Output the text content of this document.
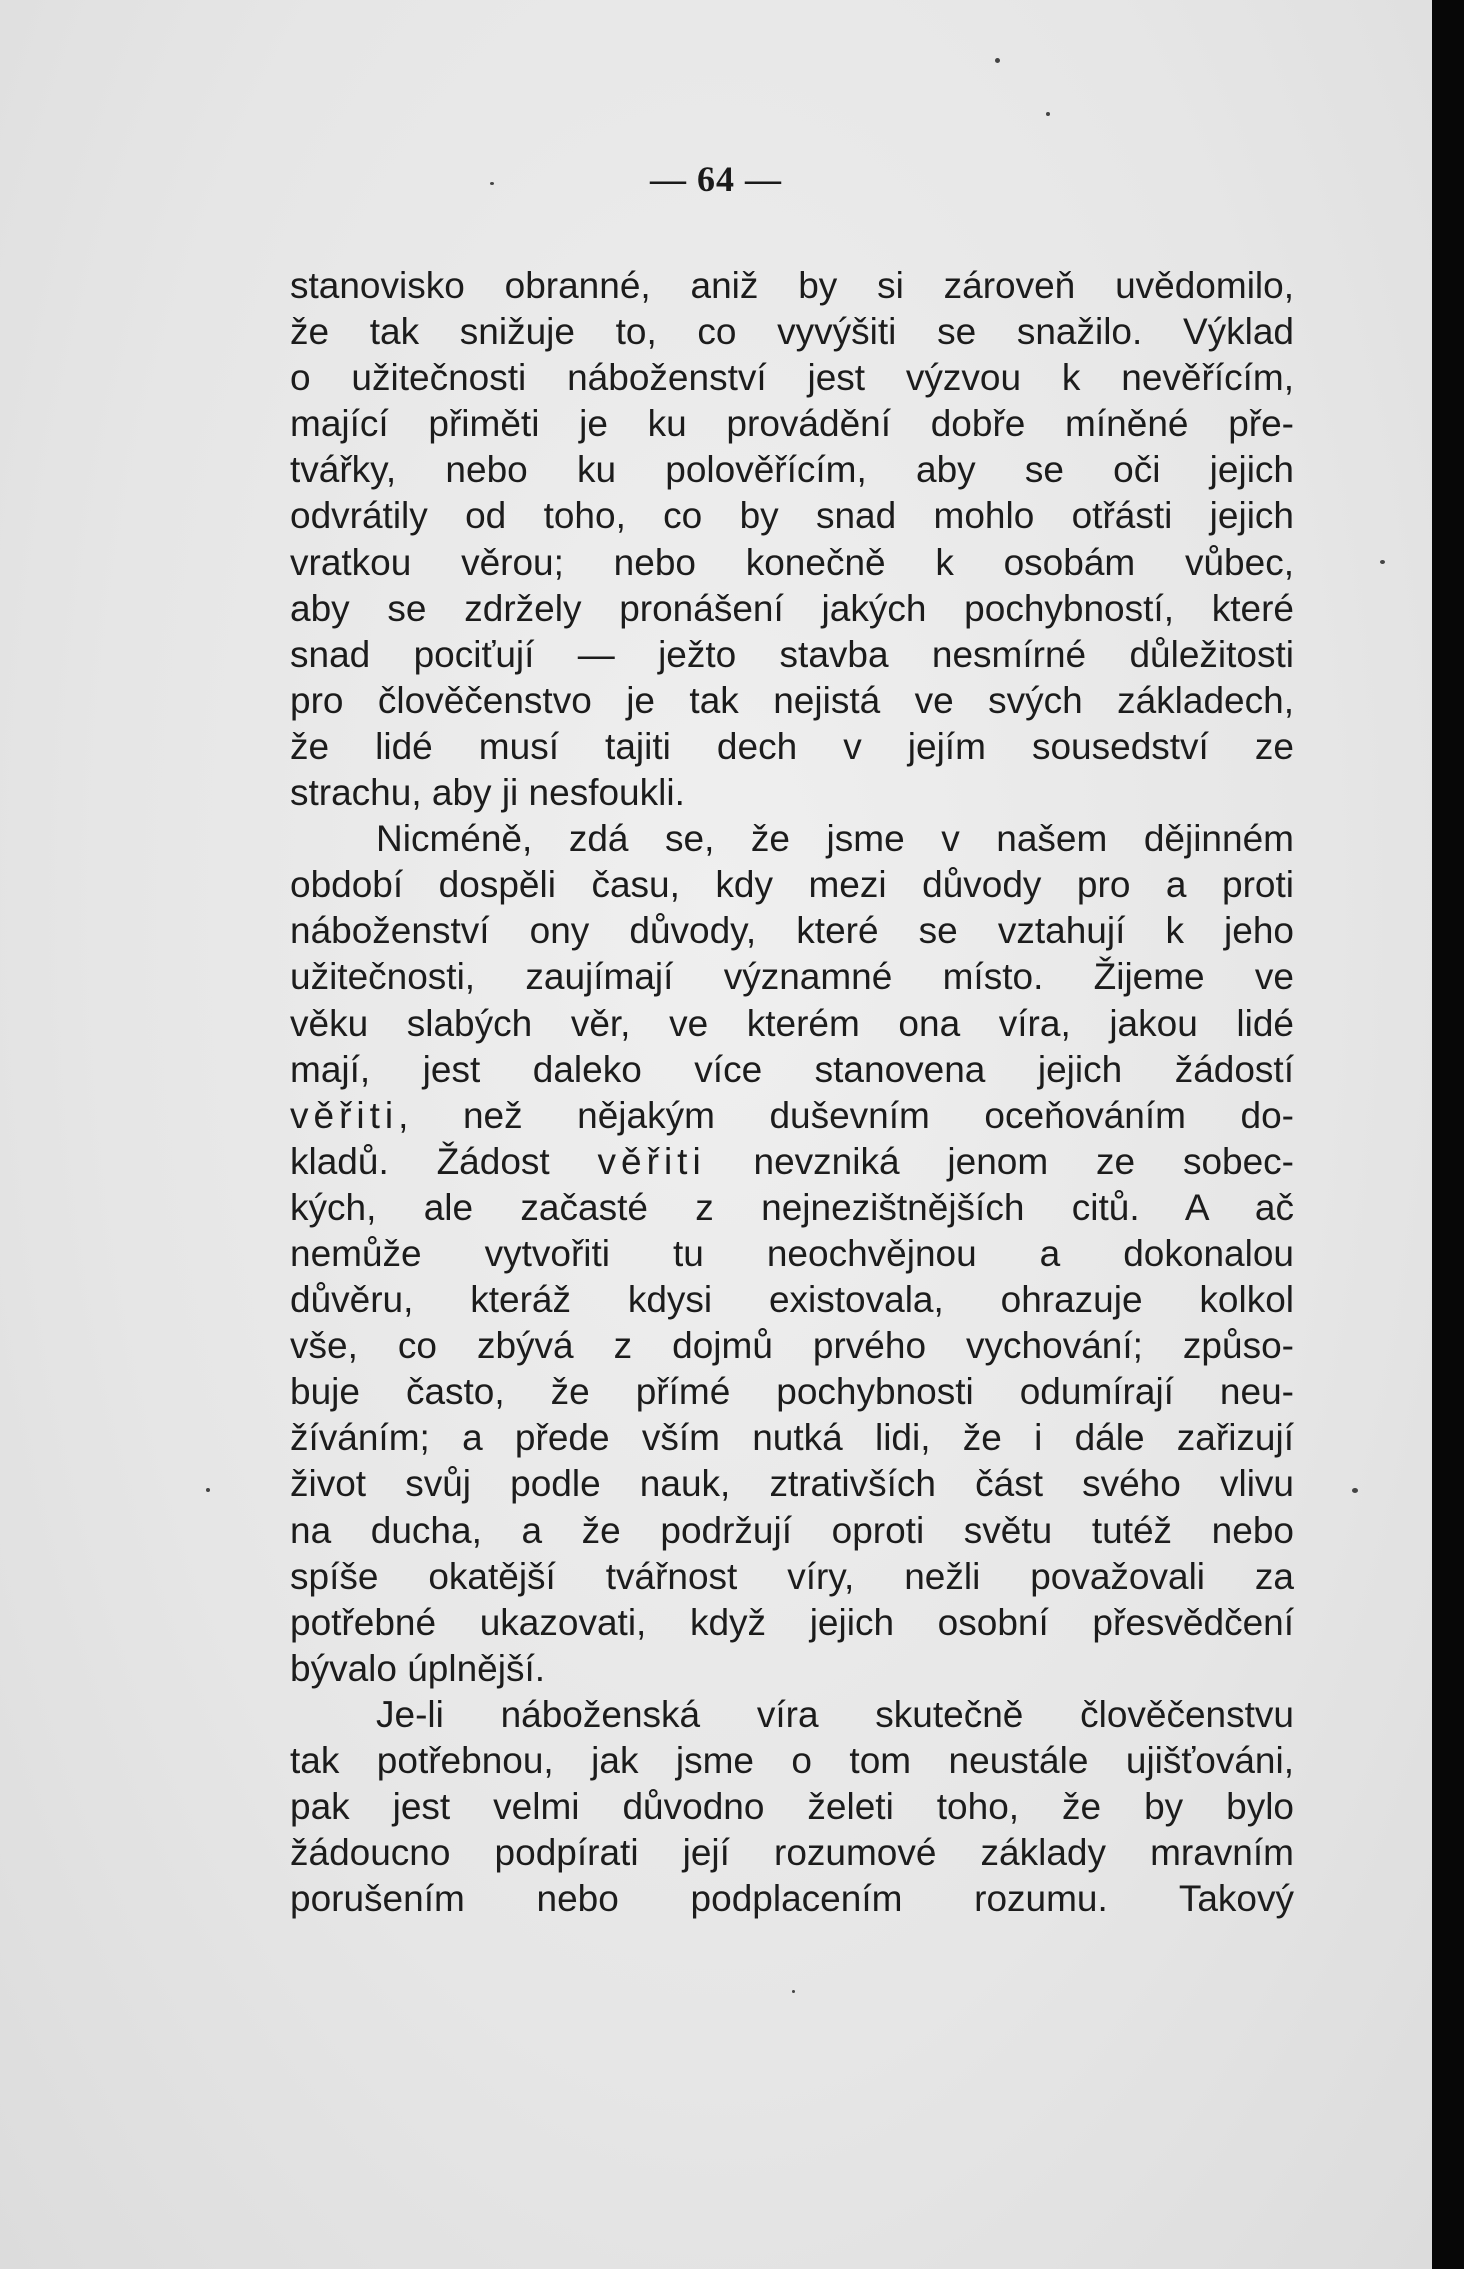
— 64 —
stanovisko obranné, aniž by si zároveň uvědomilo,
že tak snižuje to, co vyvýšiti se snažilo. Výklad
o užitečnosti náboženství jest výzvou k nevěřícím,
mající přiměti je ku provádění dobře míněné pře-
tvářky, nebo ku polověřícím, aby se oči jejich
odvrátily od toho, co by snad mohlo otřásti jejich
vratkou věrou; nebo konečně k osobám vůbec,
aby se zdržely pronášení jakých pochybností, které
snad pociťují — ježto stavba nesmírné důležitosti
pro člověčenstvo je tak nejistá ve svých základech,
že lidé musí tajiti dech v jejím sousedství ze
strachu, aby ji nesfoukli.
Nicméně, zdá se, že jsme v našem dějinném
období dospěli času, kdy mezi důvody pro a proti
náboženství ony důvody, které se vztahují k jeho
užitečnosti, zaujímají významné místo. Žijeme ve
věku slabých věr, ve kterém ona víra, jakou lidé
mají, jest daleko více stanovena jejich žádostí
věřiti, než nějakým duševním oceňováním do-
kladů. Žádost věřiti nevzniká jenom ze sobec-
kých, ale začasté z nejnezištnějších citů. A ač
nemůže vytvořiti tu neochvějnou a dokonalou
důvěru, kteráž kdysi existovala, ohrazuje kolkol
vše, co zbývá z dojmů prvého vychování; způso-
buje často, že přímé pochybnosti odumírají neu-
žíváním; a přede vším nutká lidi, že i dále zařizují
život svůj podle nauk, ztrativších část svého vlivu
na ducha, a že podržují oproti světu tutéž nebo
spíše okatější tvářnost víry, nežli považovali za
potřebné ukazovati, když jejich osobní přesvědčení
bývalo úplnější.
Je-li náboženská víra skutečně člověčenstvu
tak potřebnou, jak jsme o tom neustále ujišťováni,
pak jest velmi důvodno želeti toho, že by bylo
žádoucno podpírati její rozumové základy mravním
porušením nebo podplacením rozumu. Takový
